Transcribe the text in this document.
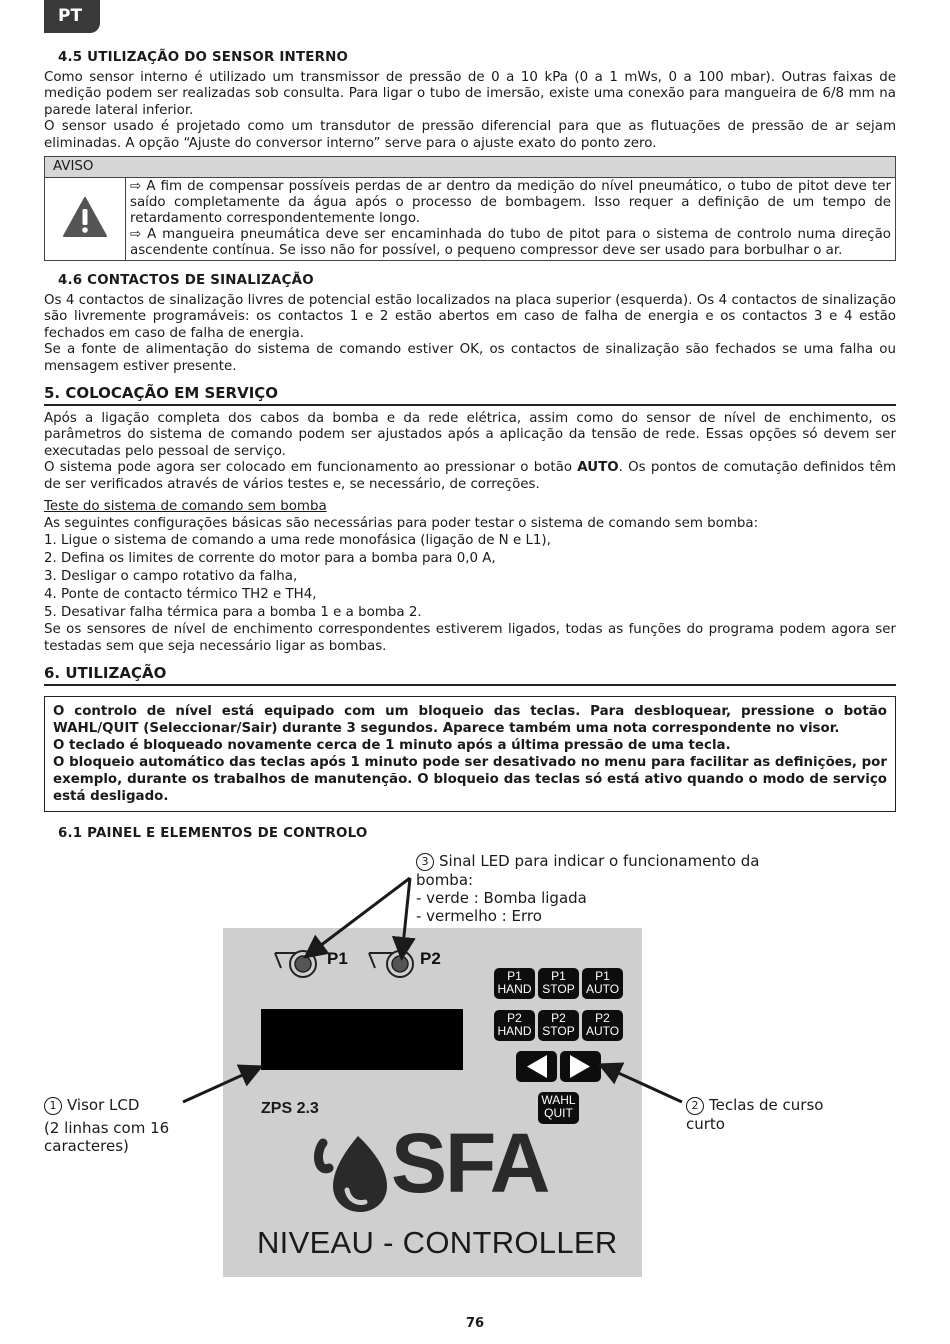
PT
4.5 UTILIZAÇÃO DO SENSOR INTERNO

Como sensor interno é utilizado um transmissor de pressão de 0 a 10 kPa (0 a 1 mWs, 0 a 100 mbar). Outras faixas de medição podem ser realizadas sob consulta. Para ligar o tubo de imersão, existe uma conexão para mangueira de 6/8 mm na parede lateral inferior.

O sensor usado é projetado como um transdutor de pressão diferencial para que as flutuações de pressão de ar sejam eliminadas. A opção “Ajuste do conversor interno” serve para o ajuste exato do ponto zero.

AVISO

⇨ A fim de compensar possíveis perdas de ar dentro da medição do nível pneumático, o tubo de pitot deve ter saído completamente da água após o processo de bombagem. Isso requer a definição de um tempo de retardamento correspondentemente longo.
⇨ A mangueira pneumática deve ser encaminhada do tubo de pitot para o sistema de controlo numa direção ascendente contínua. Se isso não for possível, o pequeno compressor deve ser usado para borbulhar o ar.
4.6 CONTACTOS DE SINALIZAÇÃO

Os 4 contactos de sinalização livres de potencial estão localizados na placa superior (esquerda). Os 4 contactos de sinalização são livremente programáveis: os contactos 1 e 2 estão abertos em caso de falha de energia e os contactos 3 e 4 estão fechados em caso de falha de energia.

Se a fonte de alimentação do sistema de comando estiver OK, os contactos de sinalização são fechados se uma falha ou mensagem estiver presente.

5. COLOCAÇÃO EM SERVIÇO

Após a ligação completa dos cabos da bomba e da rede elétrica, assim como do sensor de nível de enchimento, os parâmetros do sistema de comando podem ser ajustados após a aplicação da tensão de rede. Essas opções só devem ser executadas pelo pessoal de serviço.

O sistema pode agora ser colocado em funcionamento ao pressionar o botão AUTO. Os pontos de comutação definidos têm de ser verificados através de vários testes e, se necessário, de correções.

Teste do sistema de comando sem bomba

As seguintes configurações básicas são necessárias para poder testar o sistema de comando sem bomba:

1. Ligue o sistema de comando a uma rede monofásica (ligação de N e L1),
2. Defina os limites de corrente do motor para a bomba para 0,0 A,
3. Desligar o campo rotativo da falha,
4. Ponte de contacto térmico TH2 e TH4,
5. Desativar falha térmica para a bomba 1 e a bomba 2.

Se os sensores de nível de enchimento correspondentes estiverem ligados, todas as funções do programa podem agora ser testadas sem que seja necessário ligar as bombas.

6. UTILIZAÇÃO

O controlo de nível está equipado com um bloqueio das teclas. Para desbloquear, pressione o botão WAHL/QUIT (Seleccionar/Sair) durante 3 segundos. Aparece também uma nota correspondente no visor.

O teclado é bloqueado novamente cerca de 1 minuto após a última pressão de uma tecla.

O bloqueio automático das teclas após 1 minuto pode ser desativado no menu para facilitar as definições, por exemplo, durante os trabalhos de manutenção. O bloqueio das teclas só está ativo quando o modo de serviço está desligado.

6.1 PAINEL E ELEMENTOS DE CONTROLO
P1	P2
P1
HAND
P1
STOP
P1
AUTO
P2
HAND
P2
STOP
P2
AUTO
WAHL
QUIT
ZPS 2.3
SFA
NIVEAU - CONTROLLER
3 Sinal LED para indicar o funcionamento da
bomba:
- verde : Bomba ligada
- vermelho : Erro
1 Visor LCD
(2 linhas com 16
caracteres)
2 Teclas de curso
curto
76
